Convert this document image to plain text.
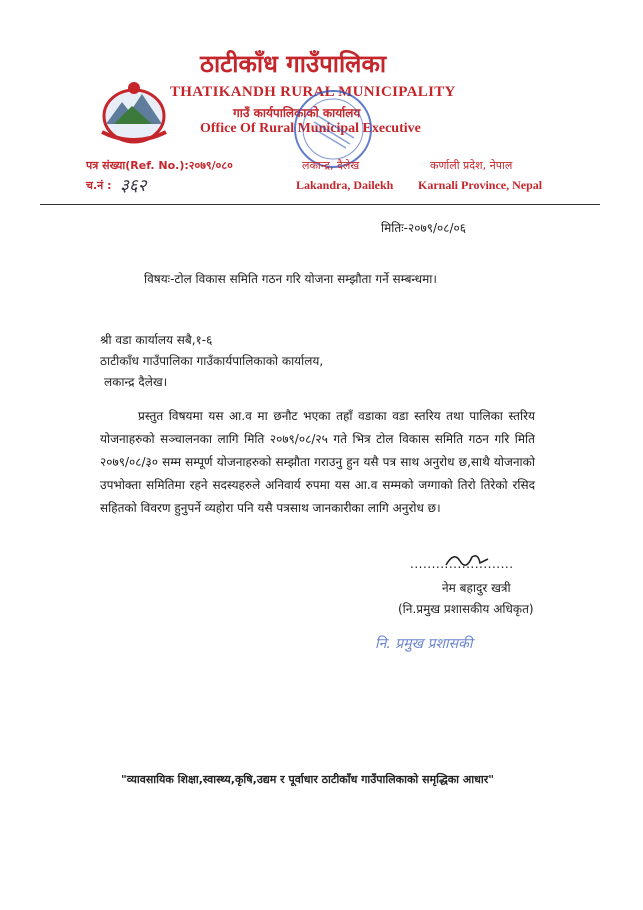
ठाटीकाँध गाउँपालिका
THATIKANDH RURAL MUNICIPALITY
गाउँ कार्यपालिकाको कार्यालय
Office Of Rural Municipal Executive
पत्र संख्या(Ref. No.):२०७९/०८०
च.नं : ३६२
लकान्द्र, दैलेख
Lakandra, Dailekh
कर्णाली प्रदेश, नेपाल
Karnali Province, Nepal
मितिः-२०७९/०८/०६
विषयः-टोल विकास समिति गठन गरि योजना सम्झौता गर्ने सम्बन्धमा।
श्री वडा कार्यालय सबै,१-६
ठाटीकाँध गाउँपालिका गाउँकार्यपालिकाको कार्यालय,
लकान्द्र दैलेख।

प्रस्तुत विषयमा यस आ.व मा छनौट भएका तहाँ वडाका वडा स्तरिय तथा पालिका स्तरिय योजनाहरुको सञ्चालनका लागि मिति २०७९/०८/२५ गते भित्र टोल विकास समिति गठन गरि मिति २०७९/०८/३० सम्म सम्पूर्ण योजनाहरुको सम्झौता गराउनु हुन यसै पत्र साथ अनुरोध छ,साथै योजनाको उपभोक्ता समितिमा रहने सदस्यहरुले अनिवार्य रुपमा यस आ.व सम्मको जग्गाको तिरो तिरेको रसिद सहितको विवरण हुनुपर्ने व्यहोरा पनि यसै पत्रसाथ जानकारीका लागि अनुरोध छ।

........................
नेम बहादुर खत्री
(नि.प्रमुख प्रशासकीय अधिकृत)
नि. प्रमुख प्रशासकी
"व्यावसायिक शिक्षा,स्वास्थ्य,कृषि,उद्यम र पूर्वाधार ठाटीकाँध गाउँपालिकाको समृद्धिका आधार"
